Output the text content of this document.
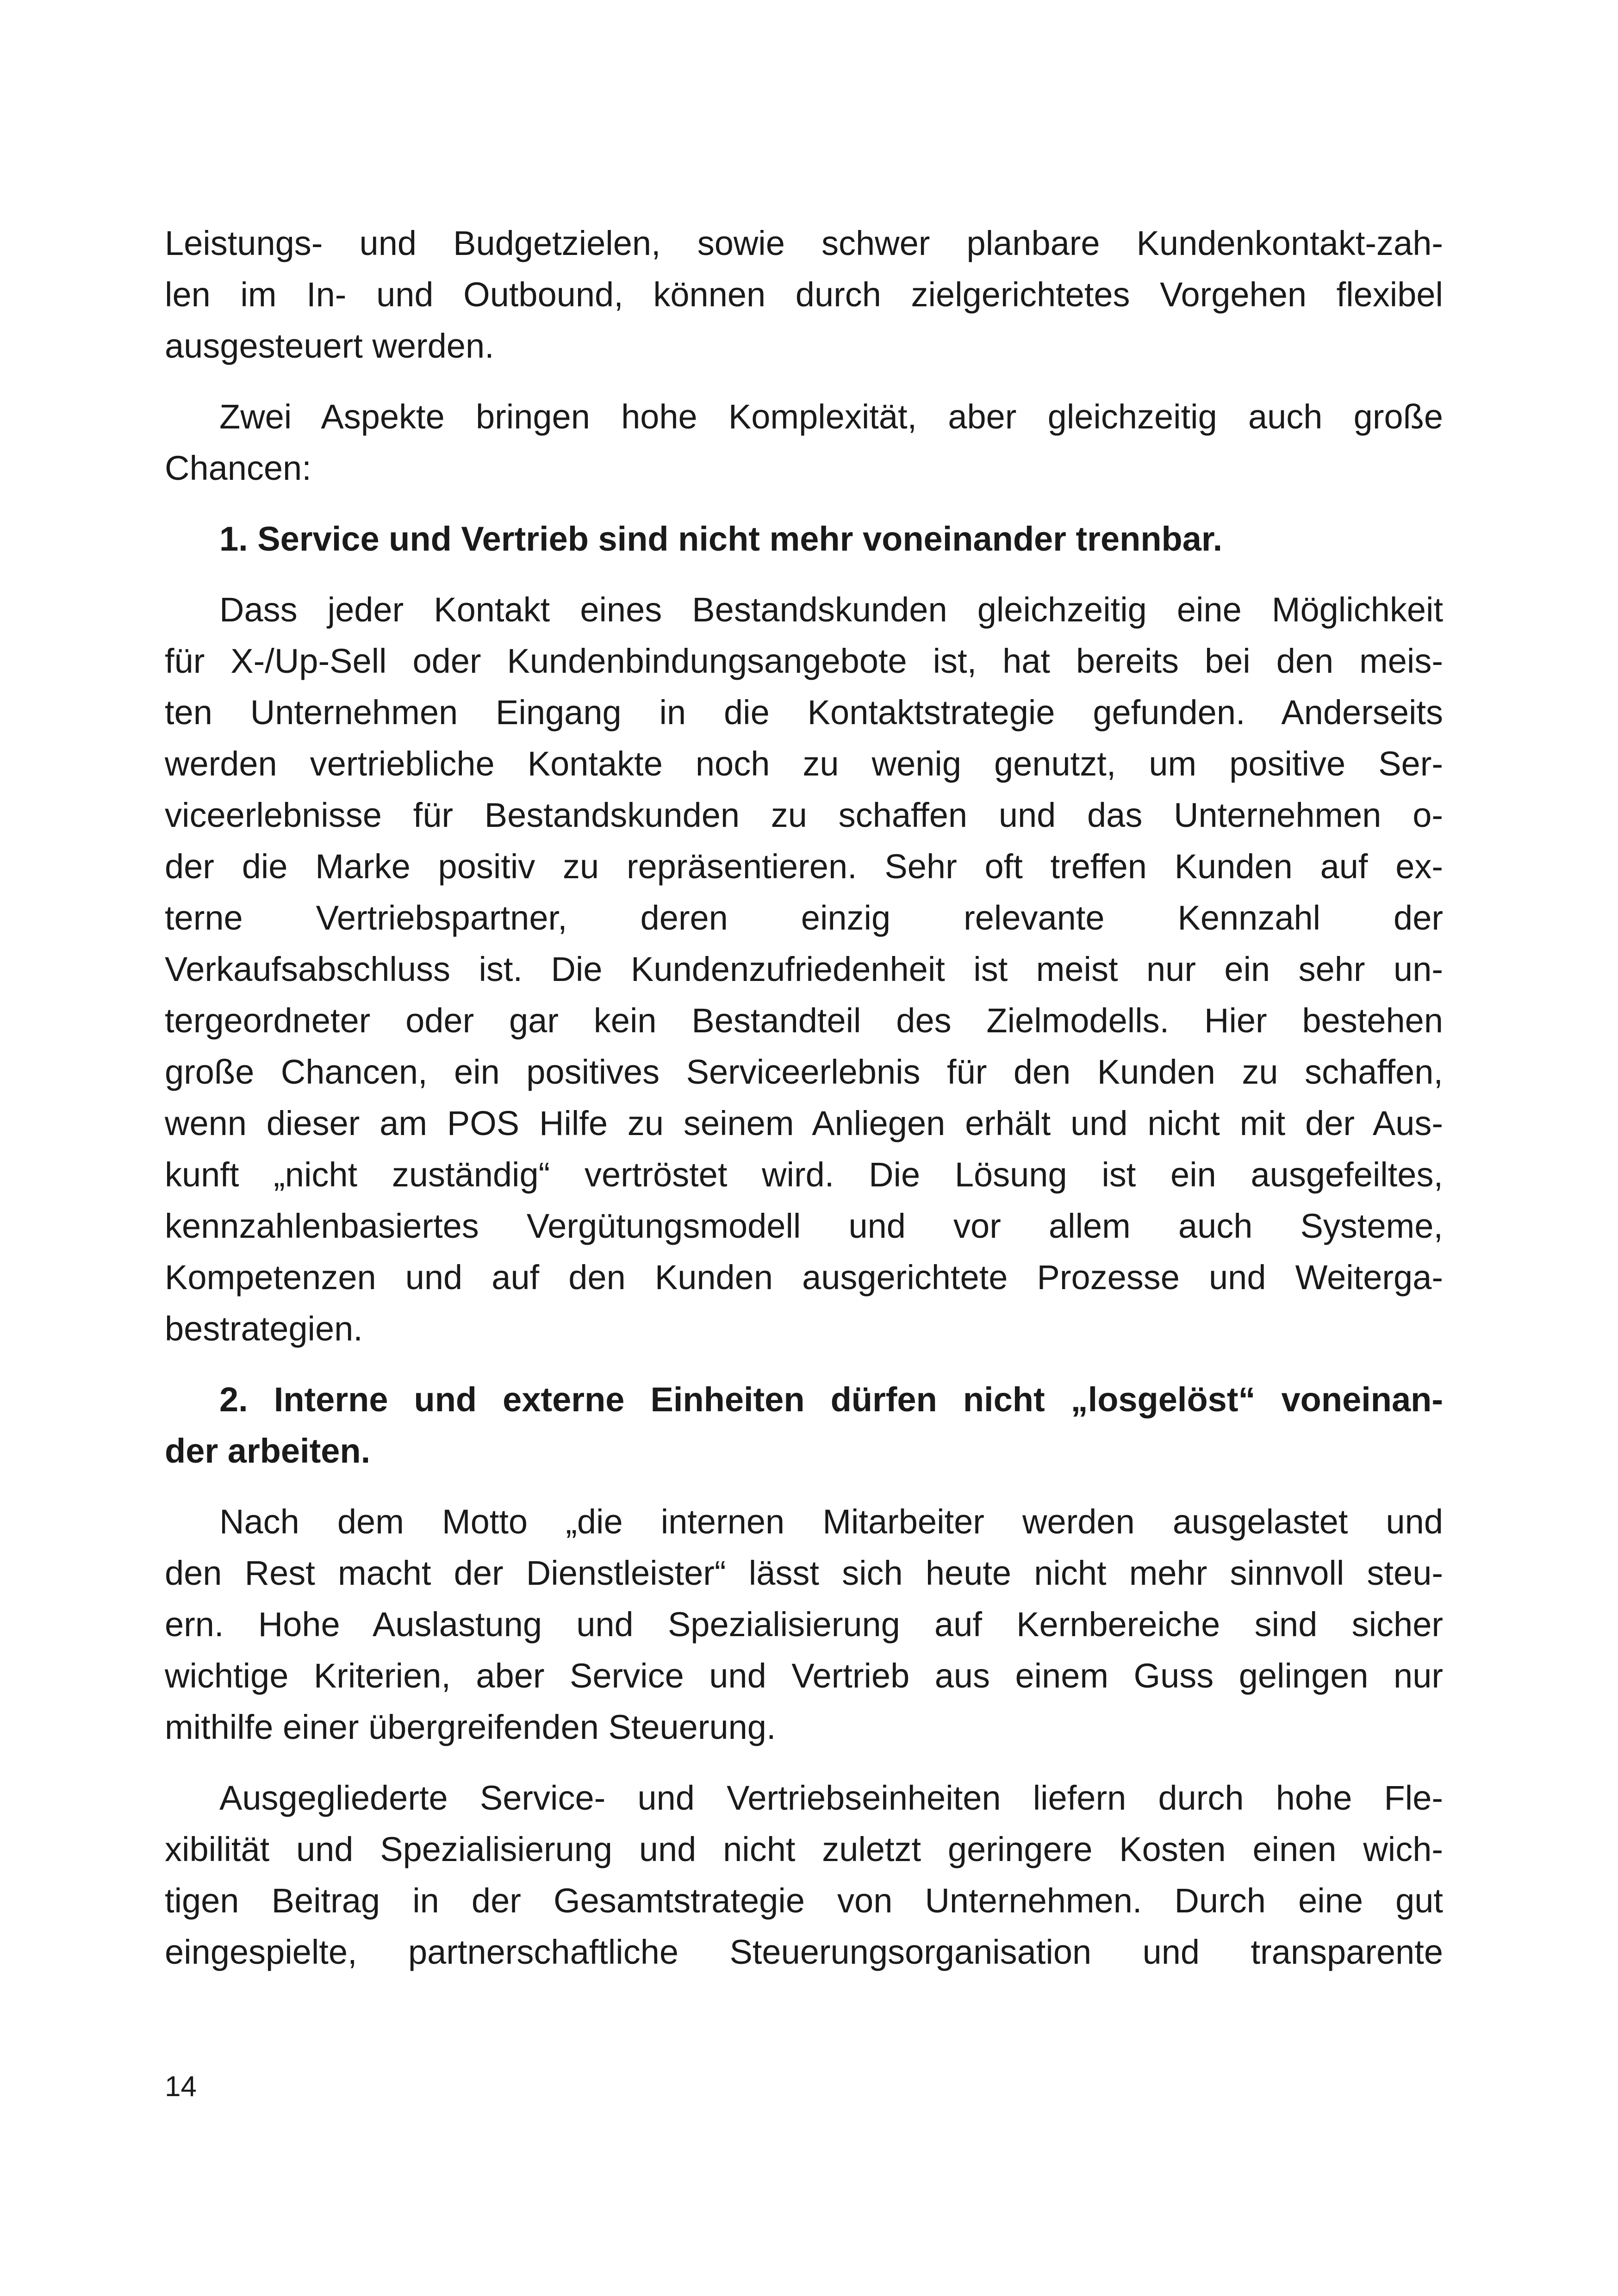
Leistungs- und Budgetzielen, sowie schwer planbare Kundenkontakt-zah-
len im In- und Outbound, können durch zielgerichtetes Vorgehen flexibel
ausgesteuert werden.
Zwei Aspekte bringen hohe Komplexität, aber gleichzeitig auch große
Chancen:
1. Service und Vertrieb sind nicht mehr voneinander trennbar.
Dass jeder Kontakt eines Bestandskunden gleichzeitig eine Möglichkeit
für X-/Up-Sell oder Kundenbindungsangebote ist, hat bereits bei den meis-
ten Unternehmen Eingang in die Kontaktstrategie gefunden. Anderseits
werden vertriebliche Kontakte noch zu wenig genutzt, um positive Ser-
viceerlebnisse für Bestandskunden zu schaffen und das Unternehmen o-
der die Marke positiv zu repräsentieren. Sehr oft treffen Kunden auf ex-
terne Vertriebspartner, deren einzig relevante Kennzahl der
Verkaufsabschluss ist. Die Kundenzufriedenheit ist meist nur ein sehr un-
tergeordneter oder gar kein Bestandteil des Zielmodells. Hier bestehen
große Chancen, ein positives Serviceerlebnis für den Kunden zu schaffen,
wenn dieser am POS Hilfe zu seinem Anliegen erhält und nicht mit der Aus-
kunft „nicht zuständig“ vertröstet wird. Die Lösung ist ein ausgefeiltes,
kennzahlenbasiertes Vergütungsmodell und vor allem auch Systeme,
Kompetenzen und auf den Kunden ausgerichtete Prozesse und Weiterga-
bestrategien.
2. Interne und externe Einheiten dürfen nicht „losgelöst“ voneinan-
der arbeiten.
Nach dem Motto „die internen Mitarbeiter werden ausgelastet und
den Rest macht der Dienstleister“ lässt sich heute nicht mehr sinnvoll steu-
ern. Hohe Auslastung und Spezialisierung auf Kernbereiche sind sicher
wichtige Kriterien, aber Service und Vertrieb aus einem Guss gelingen nur
mithilfe einer übergreifenden Steuerung.
Ausgegliederte Service- und Vertriebseinheiten liefern durch hohe Fle-
xibilität und Spezialisierung und nicht zuletzt geringere Kosten einen wich-
tigen Beitrag in der Gesamtstrategie von Unternehmen. Durch eine gut
eingespielte, partnerschaftliche Steuerungsorganisation und transparente
14
